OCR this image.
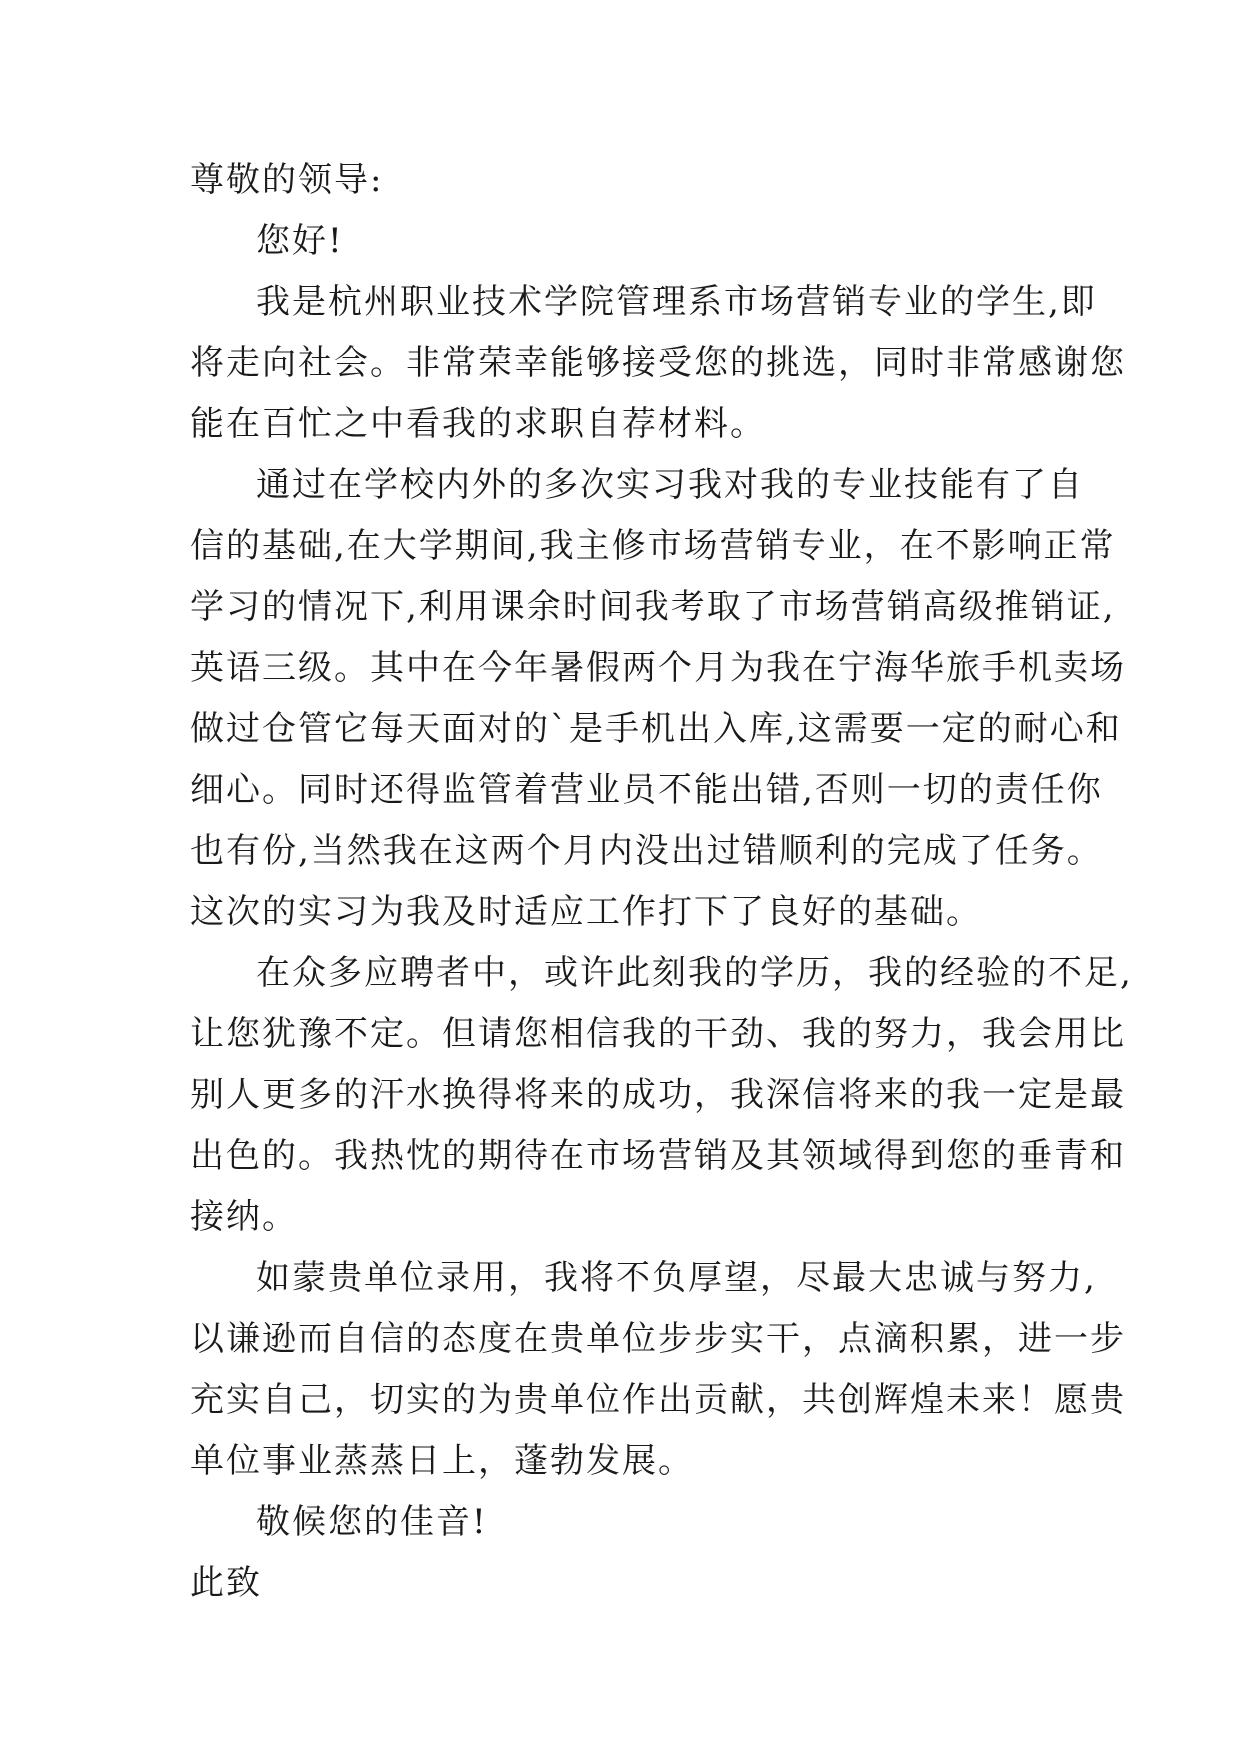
尊敬的领导:
您好!
我是杭州职业技术学院管理系市场营销专业的学生,即
将走向社会。非常荣幸能够接受您的挑选，同时非常感谢您
能在百忙之中看我的求职自荐材料。
通过在学校内外的多次实习我对我的专业技能有了自
信的基础,在大学期间,我主修市场营销专业，在不影响正常
学习的情况下,利用课余时间我考取了市场营销高级推销证,
英语三级。其中在今年暑假两个月为我在宁海华旅手机卖场
做过仓管它每天面对的`是手机出入库,这需要一定的耐心和
细心。同时还得监管着营业员不能出错,否则一切的责任你
也有份,当然我在这两个月内没出过错顺利的完成了任务。
这次的实习为我及时适应工作打下了良好的基础。
在众多应聘者中，或许此刻我的学历，我的经验的不足,
让您犹豫不定。但请您相信我的干劲、我的努力，我会用比
别人更多的汗水换得将来的成功，我深信将来的我一定是最
出色的。我热忱的期待在市场营销及其领域得到您的垂青和
接纳。
如蒙贵单位录用，我将不负厚望，尽最大忠诚与努力,
以谦逊而自信的态度在贵单位步步实干，点滴积累，进一步
充实自己，切实的为贵单位作出贡献，共创辉煌未来！愿贵
单位事业蒸蒸日上，蓬勃发展。
敬候您的佳音!
此致
